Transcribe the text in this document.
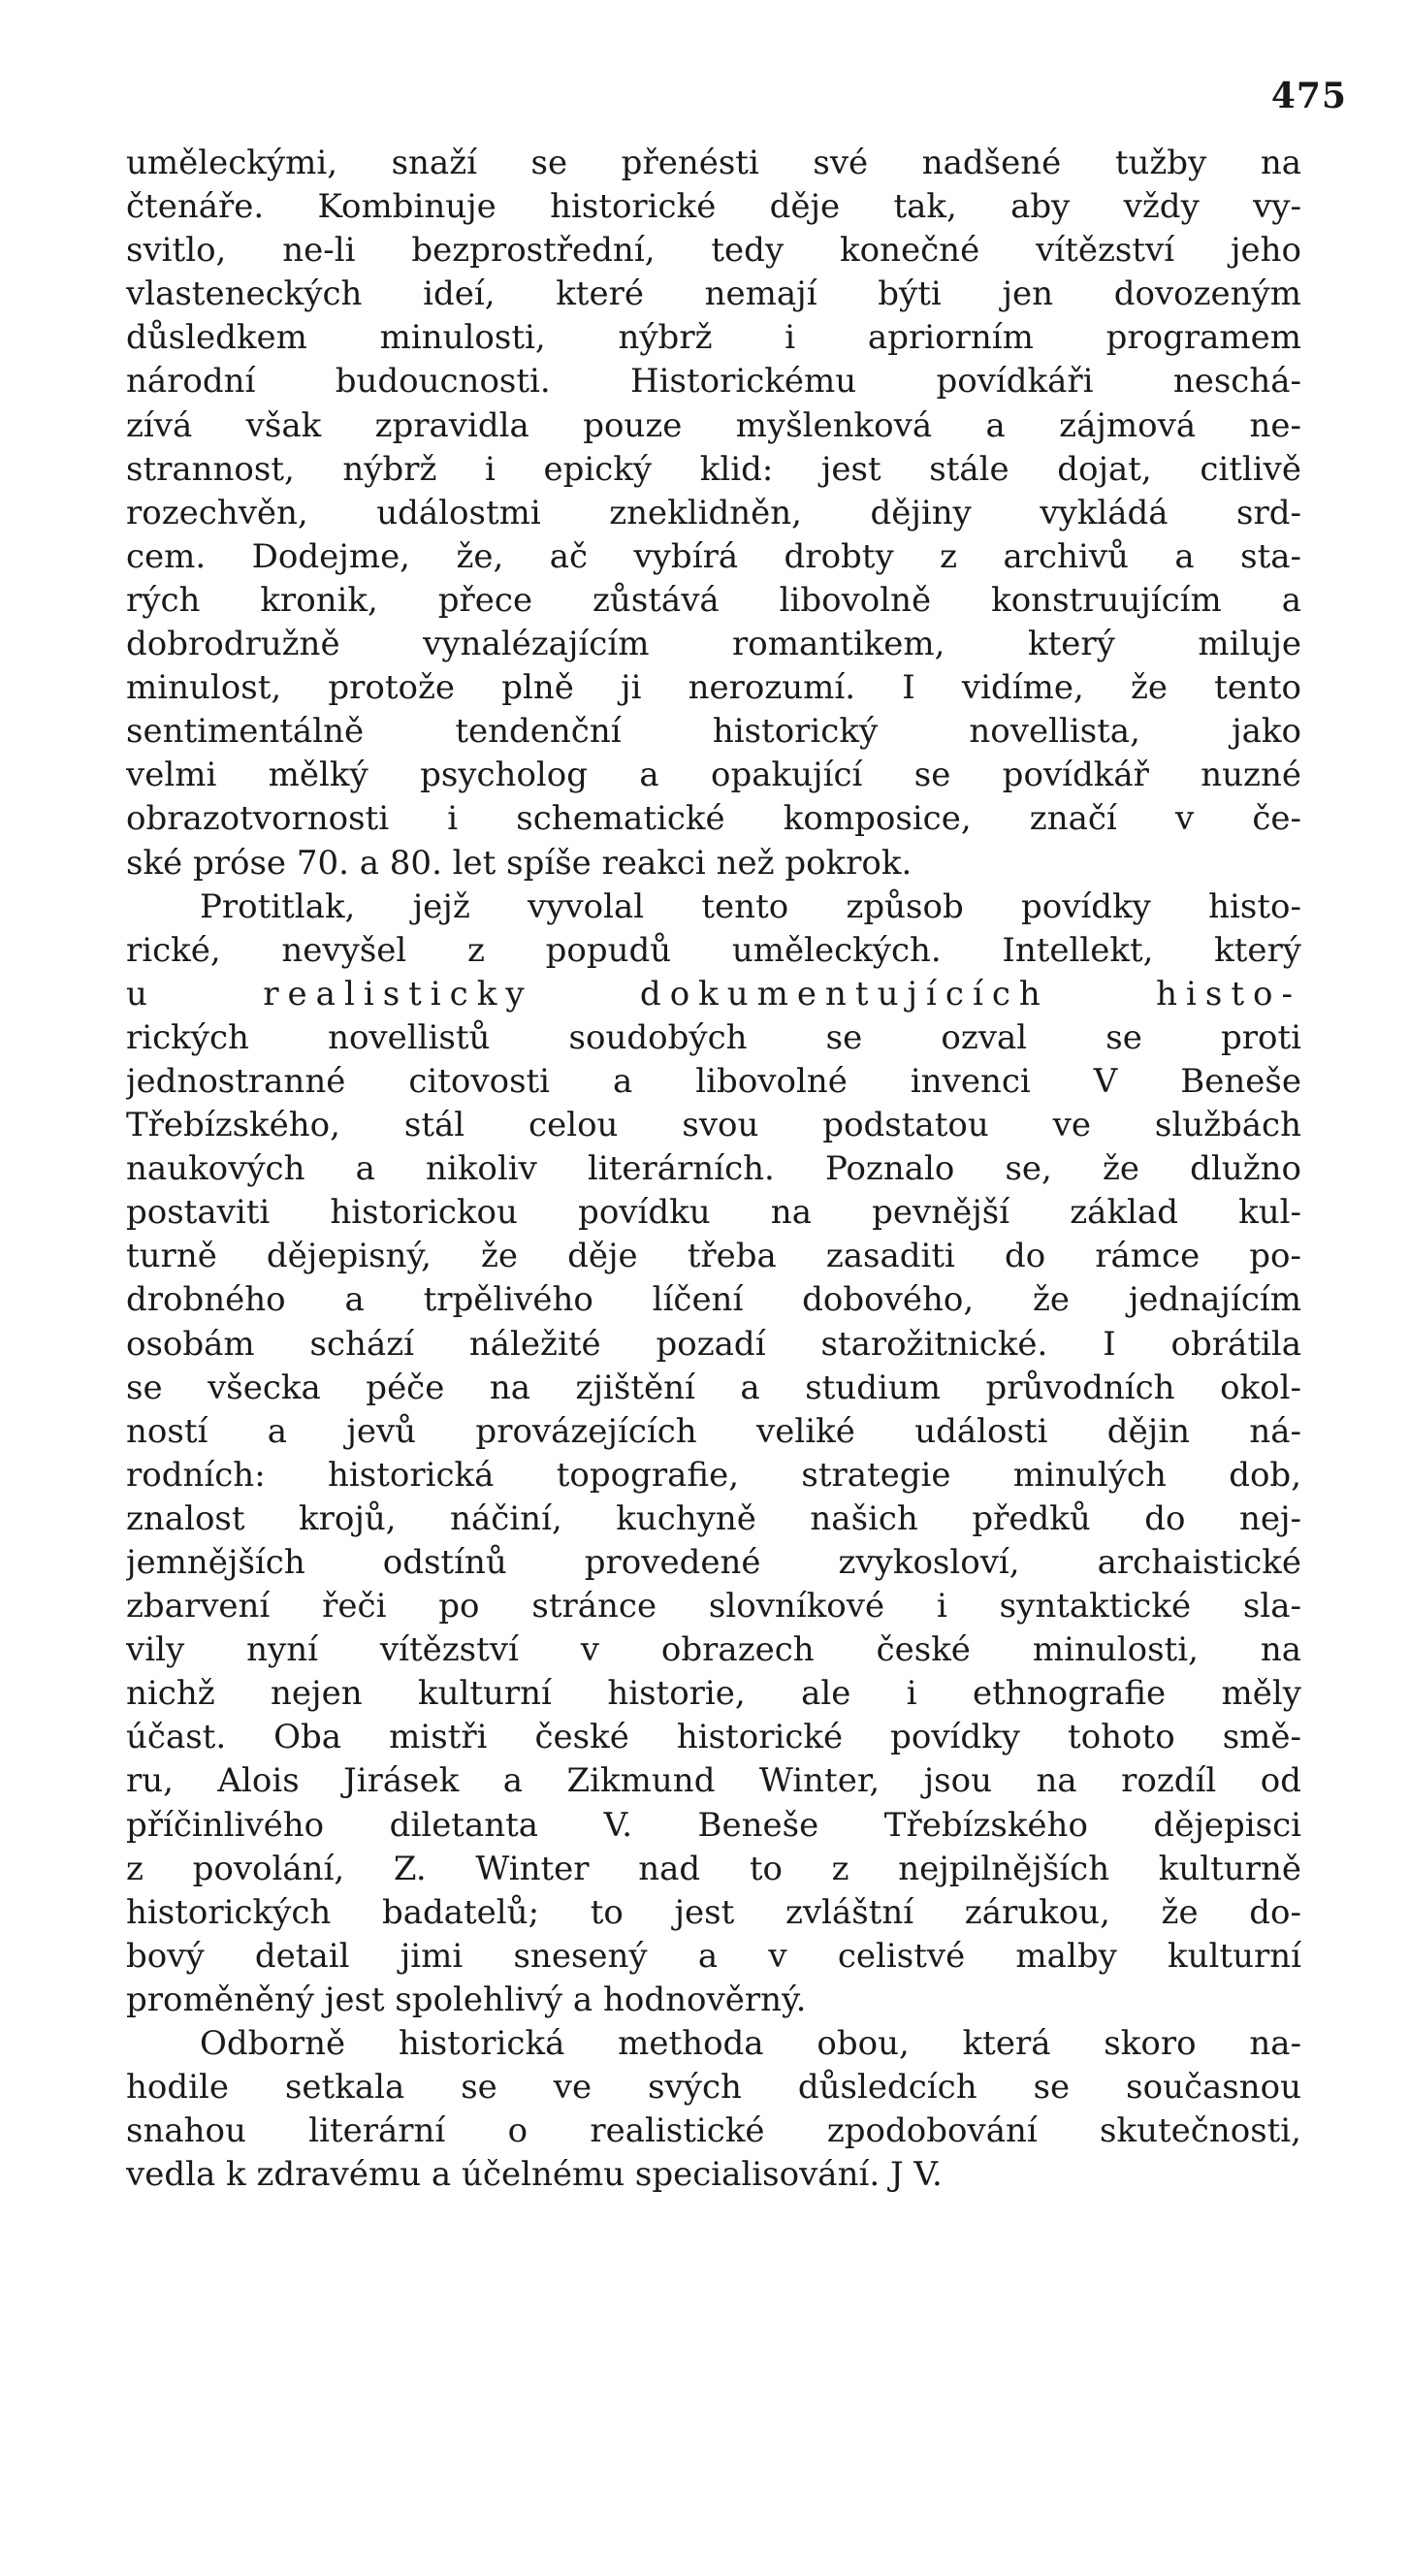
475
uměleckými, snaží se přenésti své nadšené tužby na
čtenáře. Kombinuje historické děje tak, aby vždy vy-
svitlo, ne-li bezprostřední, tedy konečné vítězství jeho
vlasteneckých ideí, které nemají býti jen dovozeným
důsledkem minulosti, nýbrž i apriorním programem
národní budoucnosti. Historickému povídkáři neschá-
zívá však zpravidla pouze myšlenková a zájmová ne-
strannost, nýbrž i epický klid: jest stále dojat, citlivě
rozechvěn, událostmi zneklidněn, dějiny vykládá srd-
cem. Dodejme, že, ač vybírá drobty z archivů a sta-
rých kronik, přece zůstává libovolně konstruujícím a
dobrodružně vynalézajícím romantikem, který miluje
minulost, protože plně ji nerozumí. I vidíme, že tento
sentimentálně tendenční historický novellista, jako
velmi mělký psycholog a opakující se povídkář nuzné
obrazotvornosti i schematické komposice, značí v če-
ské próse 70. a 80. let spíše reakci než pokrok.
Protitlak, jejž vyvolal tento způsob povídky histo-
rické, nevyšel z popudů uměleckých. Intellekt, který
u realisticky dokumentujících histo-
rických novellistů soudobých se ozval se proti
jednostranné citovosti a libovolné invenci V Beneše
Třebízského, stál celou svou podstatou ve službách
naukových a nikoliv literárních. Poznalo se, že dlužno
postaviti historickou povídku na pevnější základ kul-
turně dějepisný, že děje třeba zasaditi do rámce po-
drobného a trpělivého líčení dobového, že jednajícím
osobám schází náležité pozadí starožitnické. I obrátila
se všecka péče na zjištění a studium průvodních okol-
ností a jevů provázejících veliké události dějin ná-
rodních: historická topografie, strategie minulých dob,
znalost krojů, náčiní, kuchyně našich předků do nej-
jemnějších odstínů provedené zvykosloví, archaistické
zbarvení řeči po stránce slovníkové i syntaktické sla-
vily nyní vítězství v obrazech české minulosti, na
nichž nejen kulturní historie, ale i ethnografie měly
účast. Oba mistři české historické povídky tohoto smě-
ru, Alois Jirásek a Zikmund Winter, jsou na rozdíl od
příčinlivého diletanta V. Beneše Třebízského dějepisci
z povolání, Z. Winter nad to z nejpilnějších kulturně
historických badatelů; to jest zvláštní zárukou, že do-
bový detail jimi snesený a v celistvé malby kulturní
proměněný jest spolehlivý a hodnověrný.
Odborně historická methoda obou, která skoro na-
hodile setkala se ve svých důsledcích se současnou
snahou literární o realistické zpodobování skutečnosti,
vedla k zdravému a účelnému specialisování. J V.
